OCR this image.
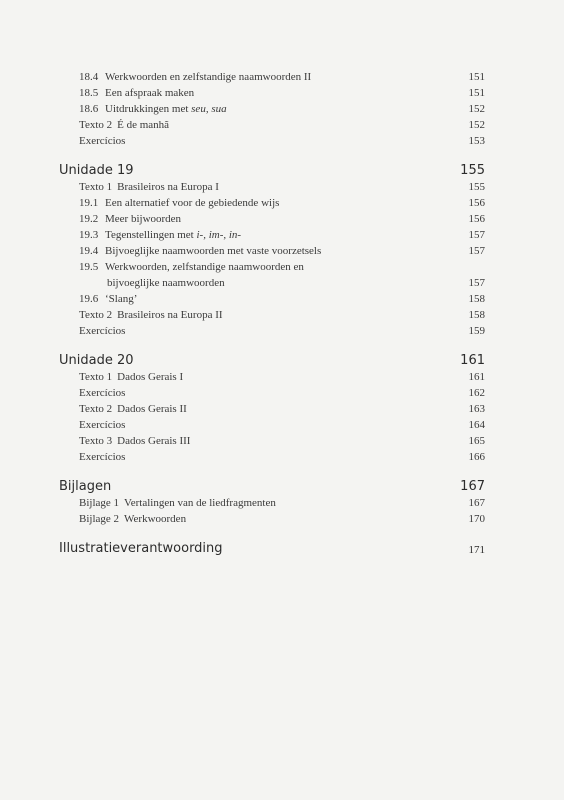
18.4 Werkwoorden en zelfstandige naamwoorden II	151
18.5 Een afspraak maken	151
18.6 Uitdrukkingen met seu, sua	152
Texto 2 É de manhã	152
Exercícios	153
Unidade 19	155
Texto 1 Brasileiros na Europa I	155
19.1 Een alternatief voor de gebiedende wijs	156
19.2 Meer bijwoorden	156
19.3 Tegenstellingen met i-, im-, in-	157
19.4 Bijvoeglijke naamwoorden met vaste voorzetsels	157
19.5 Werkwoorden, zelfstandige naamwoorden en
bijvoeglijke naamwoorden	157
19.6 ‘Slang’	158
Texto 2 Brasileiros na Europa II	158
Exercícios	159
Unidade 20	161
Texto 1 Dados Gerais I	161
Exercícios	162
Texto 2 Dados Gerais II	163
Exercícios	164
Texto 3 Dados Gerais III	165
Exercícios	166
Bijlagen	167
Bijlage 1 Vertalingen van de liedfragmenten	167
Bijlage 2 Werkwoorden	170
Illustratieverantwoording	171
